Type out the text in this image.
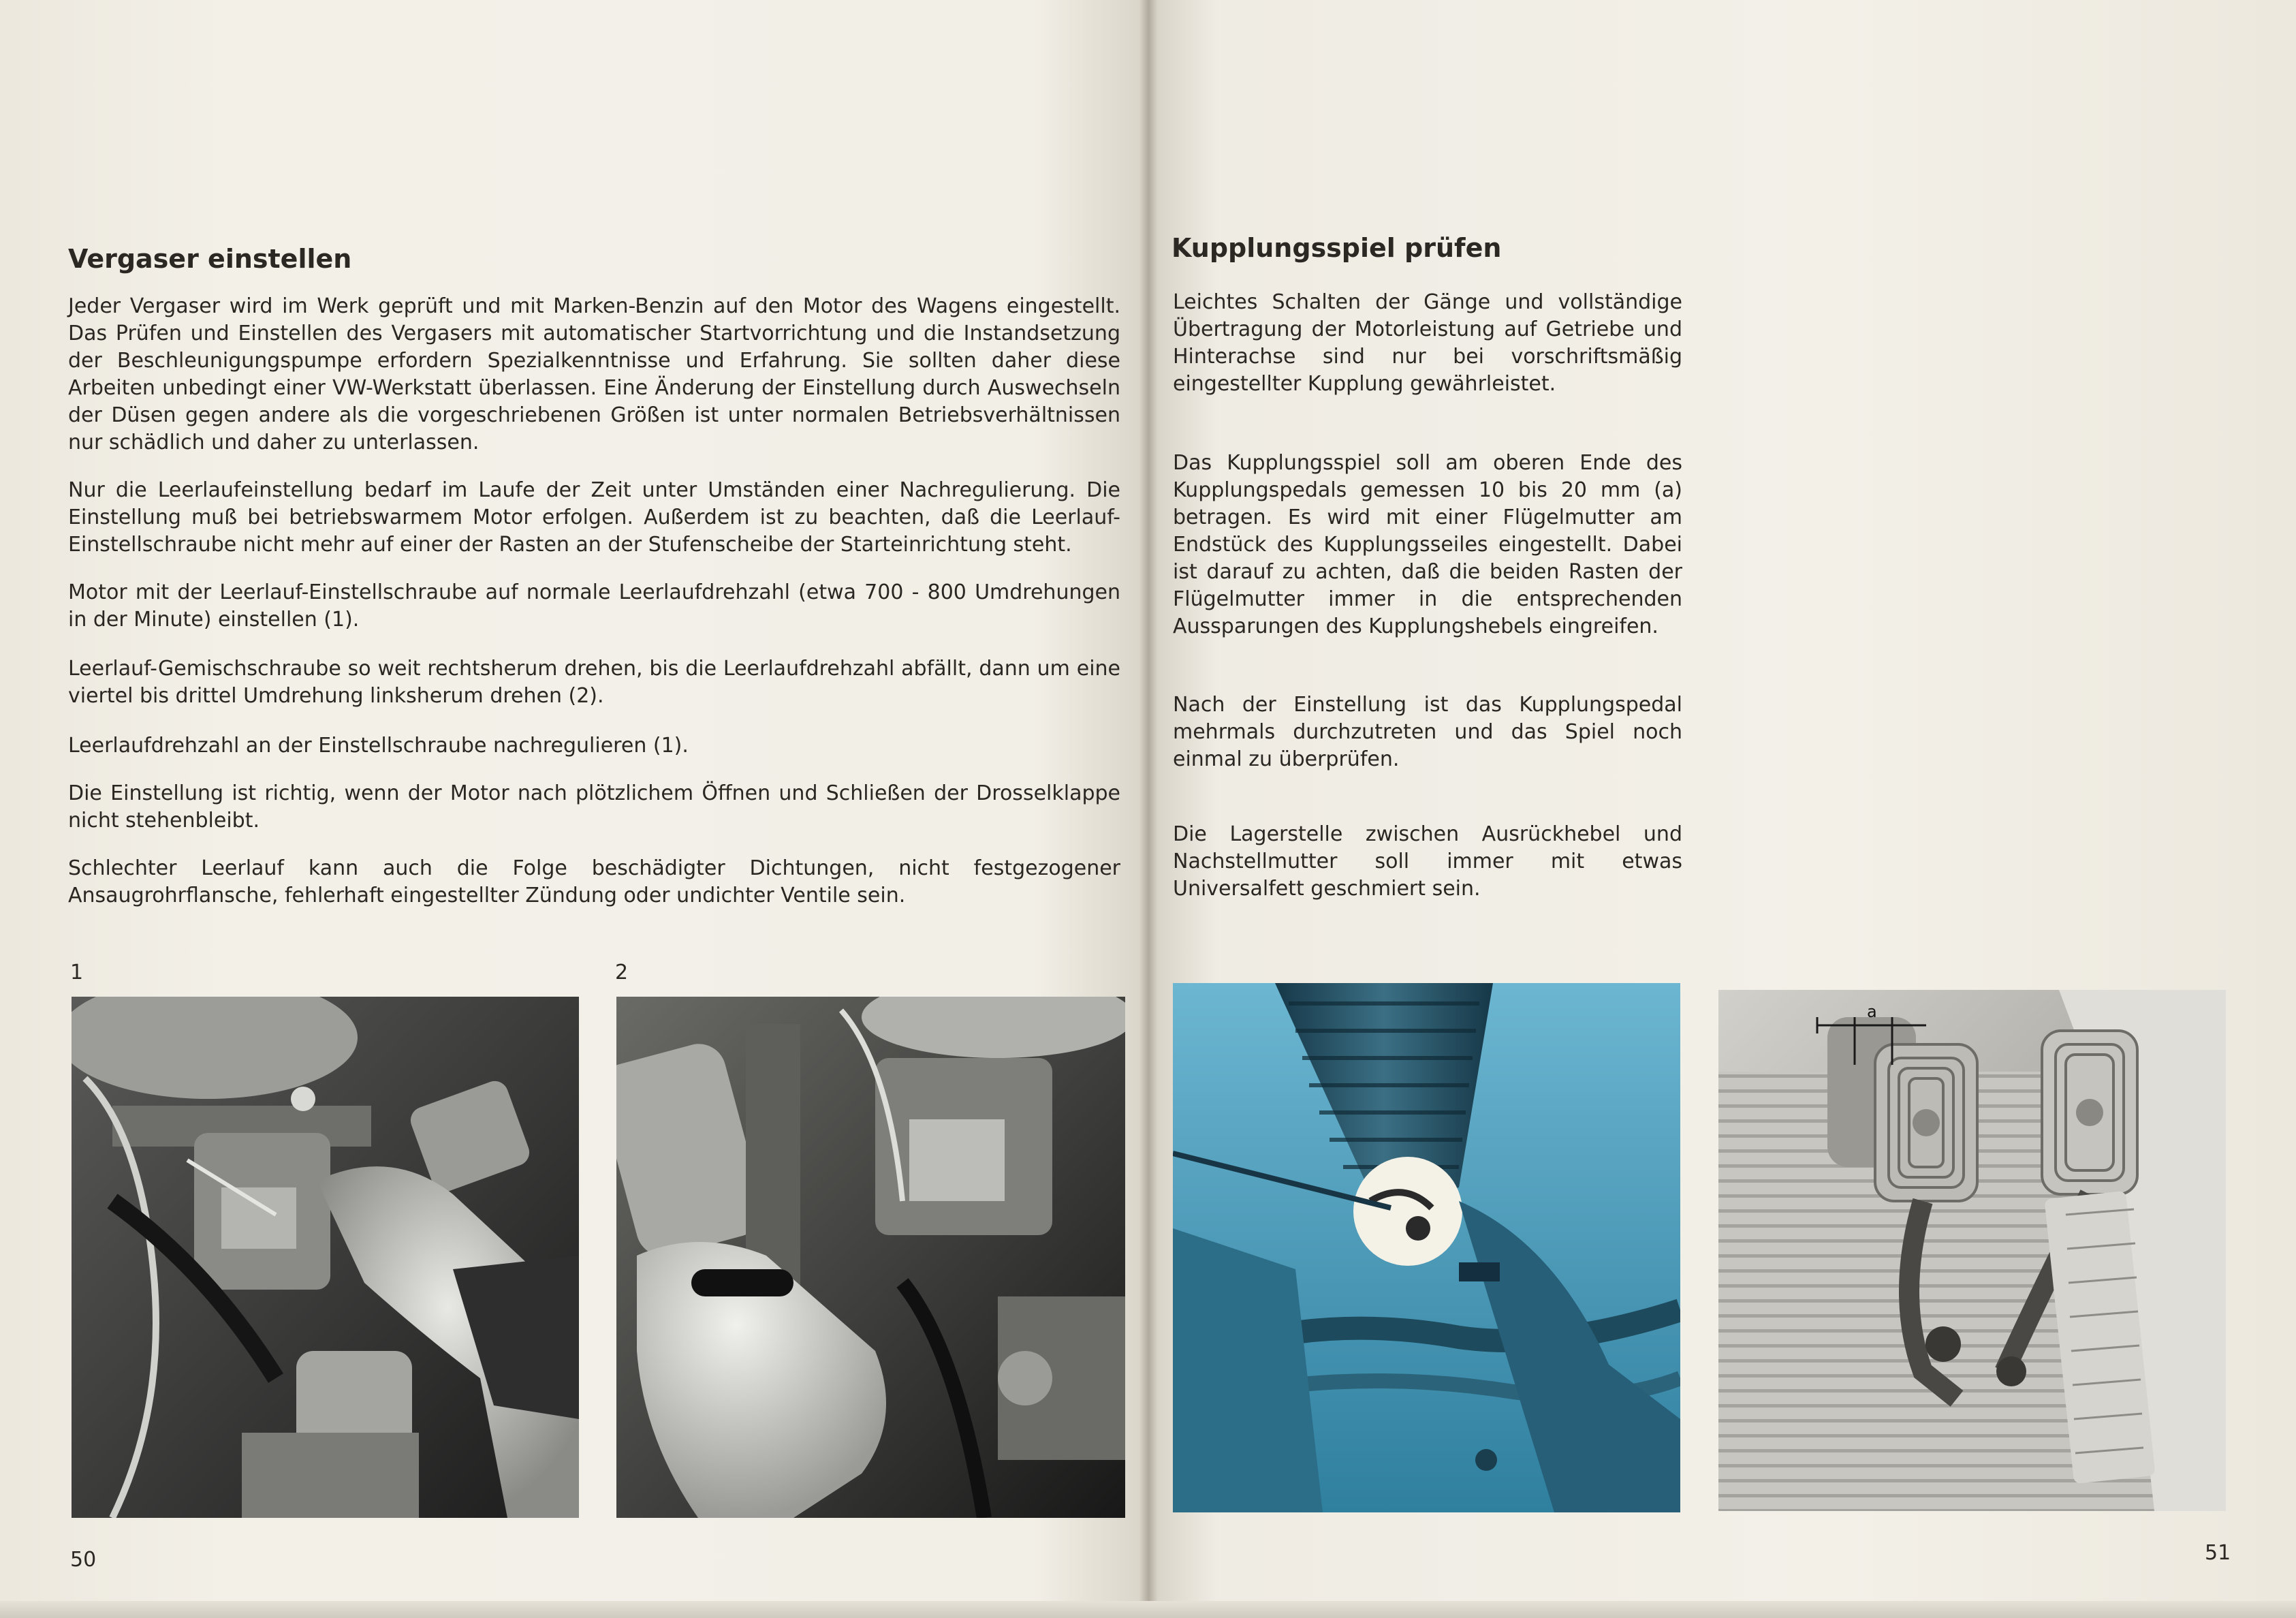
Vergaser einstellen

Jeder Vergaser wird im Werk geprüft und mit Marken-Benzin auf den Motor des Wagens eingestellt. Das Prüfen und Einstellen des Vergasers mit automatischer Startvorrichtung und die Instandsetzung der Beschleunigungspumpe erfordern Spezialkenntnisse und Erfahrung. Sie sollten daher diese Arbeiten unbedingt einer VW-Werkstatt überlassen. Eine Änderung der Einstellung durch Auswechseln der Düsen gegen andere als die vorgeschriebenen Größen ist unter normalen Betriebsverhältnissen nur schädlich und daher zu unterlassen.

Nur die Leerlaufeinstellung bedarf im Laufe der Zeit unter Umständen einer Nachregulierung. Die Einstellung muß bei betriebswarmem Motor erfolgen. Außerdem ist zu beachten, daß die Leerlauf-Einstellschraube nicht mehr auf einer der Rasten an der Stufenscheibe der Starteinrichtung steht.

Motor mit der Leerlauf-Einstellschraube auf normale Leerlaufdrehzahl (etwa 700 - 800 Umdrehungen in der Minute) einstellen (1).

Leerlauf-Gemischschraube so weit rechtsherum drehen, bis die Leerlaufdrehzahl abfällt, dann um eine viertel bis drittel Umdrehung linksherum drehen (2).

Leerlaufdrehzahl an der Einstellschraube nachregulieren (1).

Die Einstellung ist richtig, wenn der Motor nach plötzlichem Öffnen und Schließen der Drosselklappe nicht stehenbleibt.

Schlechter Leerlauf kann auch die Folge beschädigter Dichtungen, nicht festgezogener Ansaugrohrflansche, fehlerhaft eingestellter Zündung oder undichter Ventile sein.

1	2
50
Kupplungsspiel prüfen

Leichtes Schalten der Gänge und vollständige Übertragung der Motorleistung auf Getriebe und Hinterachse sind nur bei vorschriftsmäßig eingestellter Kupplung gewährleistet.

Das Kupplungsspiel soll am oberen Ende des Kupplungspedals gemessen 10 bis 20 mm (a) betragen. Es wird mit einer Flügelmutter am Endstück des Kupplungsseiles eingestellt. Dabei ist darauf zu achten, daß die beiden Rasten der Flügelmutter immer in die entsprechenden Aussparungen des Kupplungshebels eingreifen.

Nach der Einstellung ist das Kupplungspedal mehrmals durchzutreten und das Spiel noch einmal zu überprüfen.

Die Lagerstelle zwischen Ausrückhebel und Nachstellmutter soll immer mit etwas Universalfett geschmiert sein.

a
51
